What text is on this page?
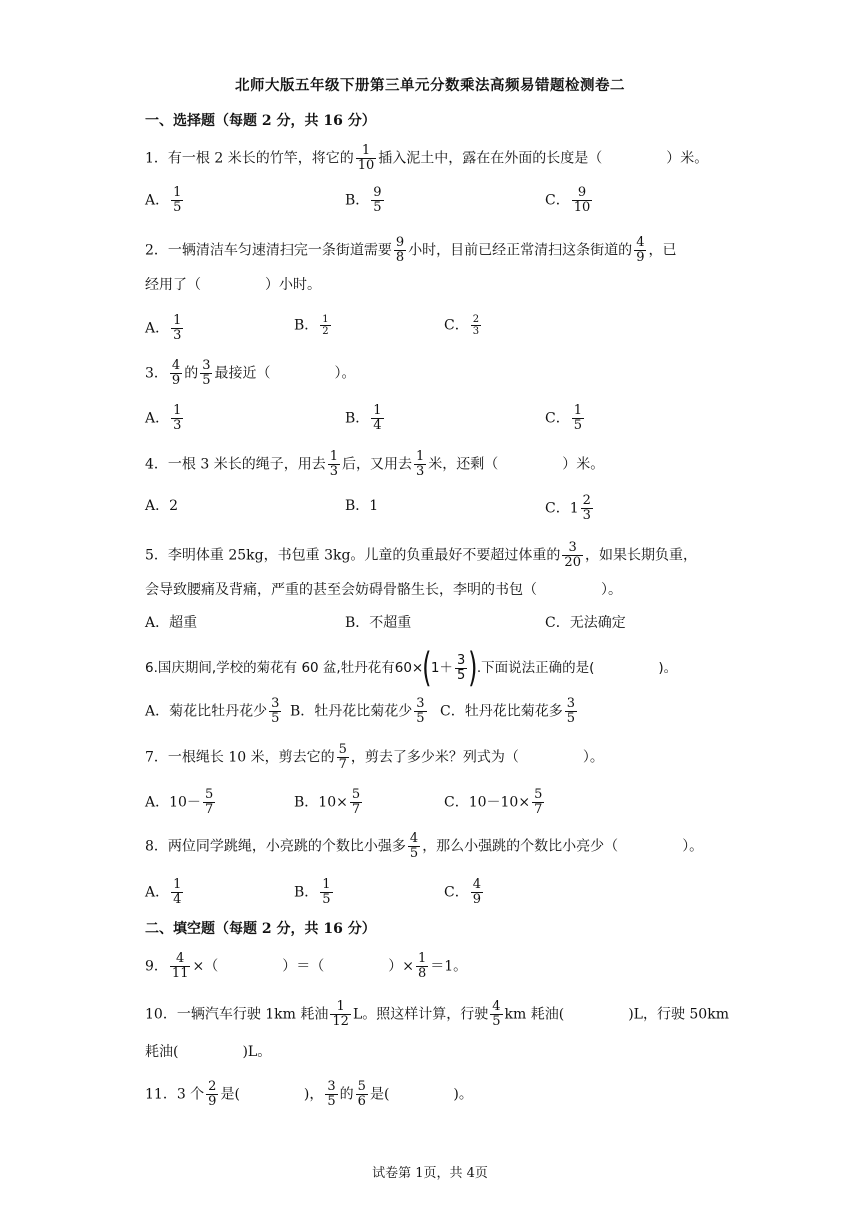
北师大版五年级下册第三单元分数乘法高频易错题检测卷二
一、选择题（每题 2 分，共 16 分）
1．有一根 2 米长的竹竿，将它的 $\frac{1}{10}$ 插入泥土中，露在在外面的长度是（	）米。
A． $\frac{1}{5}$	B． $\frac{9}{5}$	C． $\frac{9}{10}$
2．一辆清洁车匀速清扫完一条街道需要 $\frac{9}{8}$ 小时，目前已经正常清扫这条街道的 $\frac{4}{9}$ ，已
经用了（	）小时。
A． $\frac{1}{3}$	B． $\frac{1}{2}$	C． $\frac{2}{3}$
3． $\frac{4}{9}$ 的 $\frac{3}{5}$ 最接近（	）。
A． $\frac{1}{3}$	B． $\frac{1}{4}$	C． $\frac{1}{5}$
4．一根 3 米长的绳子，用去 $\frac{1}{3}$ 后，又用去 $\frac{1}{3}$ 米，还剩（	）米。
A．2	B．1	C．$1 \frac{2}{3}$
5．李明体重 25kg，书包重 3kg。儿童的负重最好不要超过体重的 $\frac{3}{20}$ ，如果长期负重，
会导致腰痛及背痛，严重的甚至会妨碍骨骼生长，李明的书包（	）。
A．超重	B．不超重	C．无法确定
6.国庆期间,学校的菊花有 60 盆,牡丹花有$60\times(1+ \frac{3}{5}$ ).下面说法正确的是(	)。
A．菊花比牡丹花少 $\frac{3}{5}$ B．牡丹花比菊花少 $\frac{3}{5}$ C．牡丹花比菊花多 $\frac{3}{5}$
7．一根绳长 10 米，剪去它的 $\frac{5}{7}$ ，剪去了多少米？列式为（	）。
A．$10- \frac{5}{7}$	B．$10\times \frac{5}{7}$	C．$10-10\times \frac{5}{7}$
8．两位同学跳绳，小亮跳的个数比小强多 $\frac{4}{5}$ ，那么小强跳的个数比小亮少（	）。
A． $\frac{1}{4}$	B． $\frac{1}{5}$	C． $\frac{4}{9}$
二、填空题（每题 2 分，共 16 分）
9． $\frac{4}{11}$ ×（	）＝（	）× $\frac{1}{8} =1$。
10．一辆汽车行驶 1km 耗油 $\frac{1}{12}$ L。照这样计算，行驶 $\frac{4}{5}$ km 耗油(	)L，行驶 50km
耗油(	)L。
11．3 个 $\frac{2}{9}$ 是(	)， $\frac{3}{5}$ 的 $\frac{5}{6}$ 是(	)。
试卷第 1页，共 4页
